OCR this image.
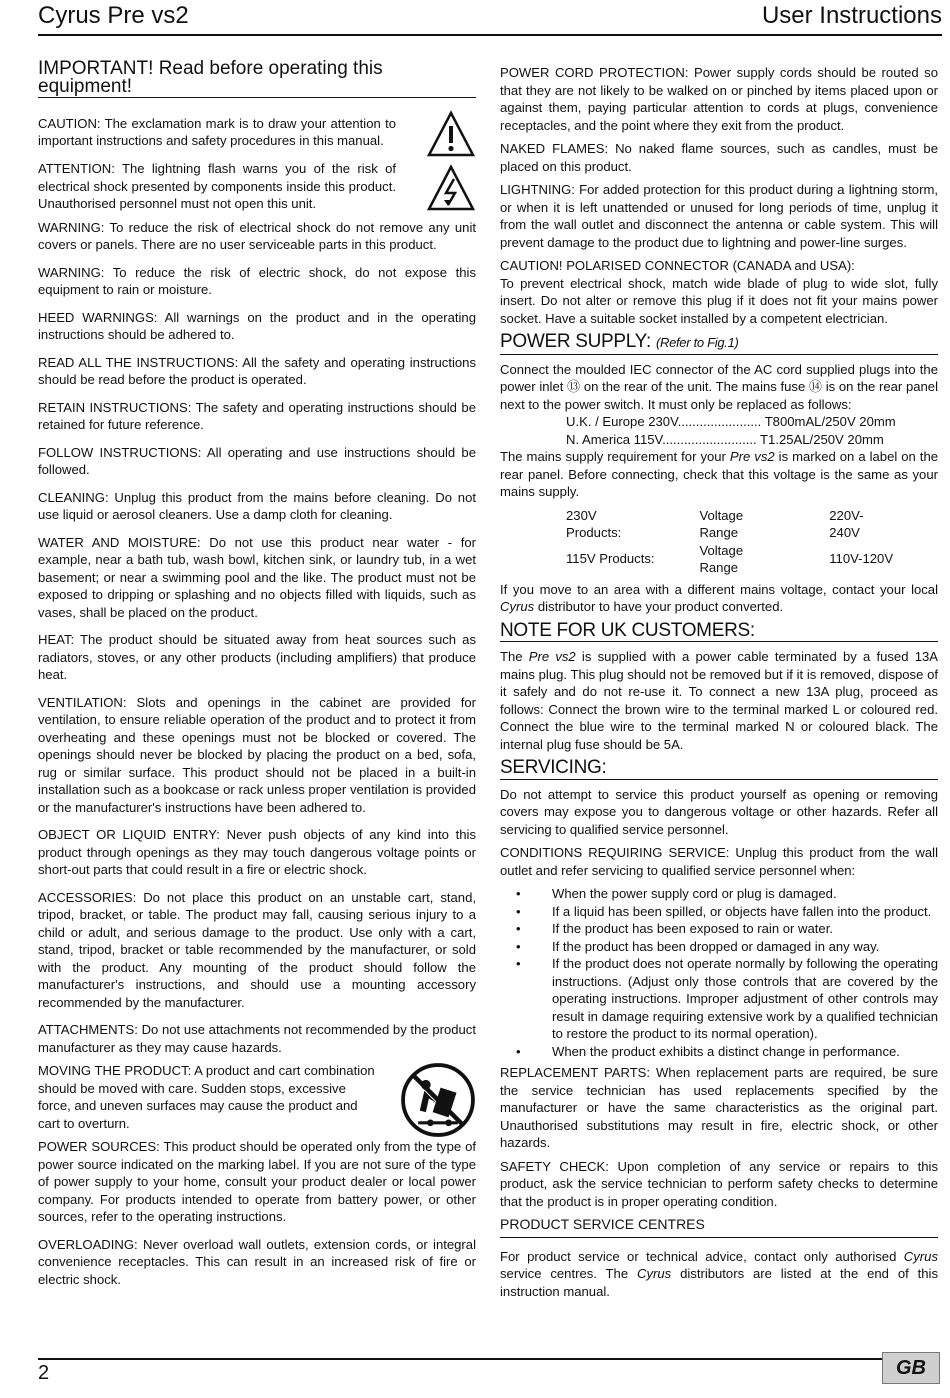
Cyrus Pre vs2	User Instructions
IMPORTANT! Read before operating this equipment!

CAUTION: The exclamation mark is to draw your attention to important instructions and safety procedures in this manual.

ATTENTION: The lightning flash warns you of the risk of electrical shock presented by components inside this product. Unauthorised personnel must not open this unit.

WARNING: To reduce the risk of electrical shock do not remove any unit covers or panels. There are no user serviceable parts in this product.

WARNING: To reduce the risk of electric shock, do not expose this equipment to rain or moisture.

HEED WARNINGS: All warnings on the product and in the operating instructions should be adhered to.

READ ALL THE INSTRUCTIONS: All the safety and operating instructions should be read before the product is operated.

RETAIN INSTRUCTIONS: The safety and operating instructions should be retained for future reference.

FOLLOW INSTRUCTIONS: All operating and use instructions should be followed.

CLEANING: Unplug this product from the mains before cleaning. Do not use liquid or aerosol cleaners. Use a damp cloth for cleaning.

WATER AND MOISTURE: Do not use this product near water - for example, near a bath tub, wash bowl, kitchen sink, or laundry tub, in a wet basement; or near a swimming pool and the like. The product must not be exposed to dripping or splashing and no objects filled with liquids, such as vases, shall be placed on the product.

HEAT: The product should be situated away from heat sources such as radiators, stoves, or any other products (including amplifiers) that produce heat.

VENTILATION: Slots and openings in the cabinet are provided for ventilation, to ensure reliable operation of the product and to protect it from overheating and these openings must not be blocked or covered. The openings should never be blocked by placing the product on a bed, sofa, rug or similar surface. This product should not be placed in a built-in installation such as a bookcase or rack unless proper ventilation is provided or the manufacturer's instructions have been adhered to.

OBJECT OR LIQUID ENTRY: Never push objects of any kind into this product through openings as they may touch dangerous voltage points or short-out parts that could result in a fire or electric shock.

ACCESSORIES: Do not place this product on an unstable cart, stand, tripod, bracket, or table. The product may fall, causing serious injury to a child or adult, and serious damage to the product. Use only with a cart, stand, tripod, bracket or table recommended by the manufacturer, or sold with the product. Any mounting of the product should follow the manufacturer's instructions, and should use a mounting accessory recommended by the manufacturer.

ATTACHMENTS: Do not use attachments not recommended by the product manufacturer as they may cause hazards.

MOVING THE PRODUCT: A product and cart combination should be moved with care. Sudden stops, excessive force, and uneven surfaces may cause the product and cart to overturn.

POWER SOURCES: This product should be operated only from the type of power source indicated on the marking label. If you are not sure of the type of power supply to your home, consult your product dealer or local power company. For products intended to operate from battery power, or other sources, refer to the operating instructions.

OVERLOADING: Never overload wall outlets, extension cords, or integral convenience receptacles. This can result in an increased risk of fire or electric shock.

POWER CORD PROTECTION: Power supply cords should be routed so that they are not likely to be walked on or pinched by items placed upon or against them, paying particular attention to cords at plugs, convenience receptacles, and the point where they exit from the product.

NAKED FLAMES: No naked flame sources, such as candles, must be placed on this product.

LIGHTNING: For added protection for this product during a lightning storm, or when it is left unattended or unused for long periods of time, unplug it from the wall outlet and disconnect the antenna or cable system. This will prevent damage to the product due to lightning and power-line surges.

CAUTION! POLARISED CONNECTOR (CANADA and USA):

To prevent electrical shock, match wide blade of plug to wide slot, fully insert. Do not alter or remove this plug if it does not fit your mains power socket. Have a suitable socket installed by a competent electrician.

POWER SUPPLY: (Refer to Fig.1)

Connect the moulded IEC connector of the AC cord supplied plugs into the power inlet ⑬ on the rear of the unit. The mains fuse ⑭ is on the rear panel next to the power switch. It must only be replaced as follows:

U.K. / Europe 230V....................... T800mAL/250V 20mm
N. America 115V.......................... T1.25AL/250V 20mm

The mains supply requirement for your Pre vs2 is marked on a label on the rear panel. Before connecting, check that this voltage is the same as your mains supply.

230V Products:	Voltage Range	220V-240V
115V Products:	Voltage Range	110V-120V

If you move to an area with a different mains voltage, contact your local Cyrus distributor to have your product converted.

NOTE FOR UK CUSTOMERS:

The Pre vs2 is supplied with a power cable terminated by a fused 13A mains plug. This plug should not be removed but if it is removed, dispose of it safely and do not re-use it. To connect a new 13A plug, proceed as follows: Connect the brown wire to the terminal marked L or coloured red. Connect the blue wire to the terminal marked N or coloured black. The internal plug fuse should be 5A.

SERVICING:

Do not attempt to service this product yourself as opening or removing covers may expose you to dangerous voltage or other hazards. Refer all servicing to qualified service personnel.

CONDITIONS REQUIRING SERVICE: Unplug this product from the wall outlet and refer servicing to qualified service personnel when:

• When the power supply cord or plug is damaged.
• If a liquid has been spilled, or objects have fallen into the product.
• If the product has been exposed to rain or water.
• If the product has been dropped or damaged in any way.
• If the product does not operate normally by following the operating instructions. (Adjust only those controls that are covered by the operating instructions. Improper adjustment of other controls may result in damage requiring extensive work by a qualified technician to restore the product to its normal operation).
• When the product exhibits a distinct change in performance.

REPLACEMENT PARTS: When replacement parts are required, be sure the service technician has used replacements specified by the manufacturer or have the same characteristics as the original part. Unauthorised substitutions may result in fire, electric shock, or other hazards.

SAFETY CHECK: Upon completion of any service or repairs to this product, ask the service technician to perform safety checks to determine that the product is in proper operating condition.

PRODUCT SERVICE CENTRES

For product service or technical advice, contact only authorised Cyrus service centres. The Cyrus distributors are listed at the end of this instruction manual.

2	GB
